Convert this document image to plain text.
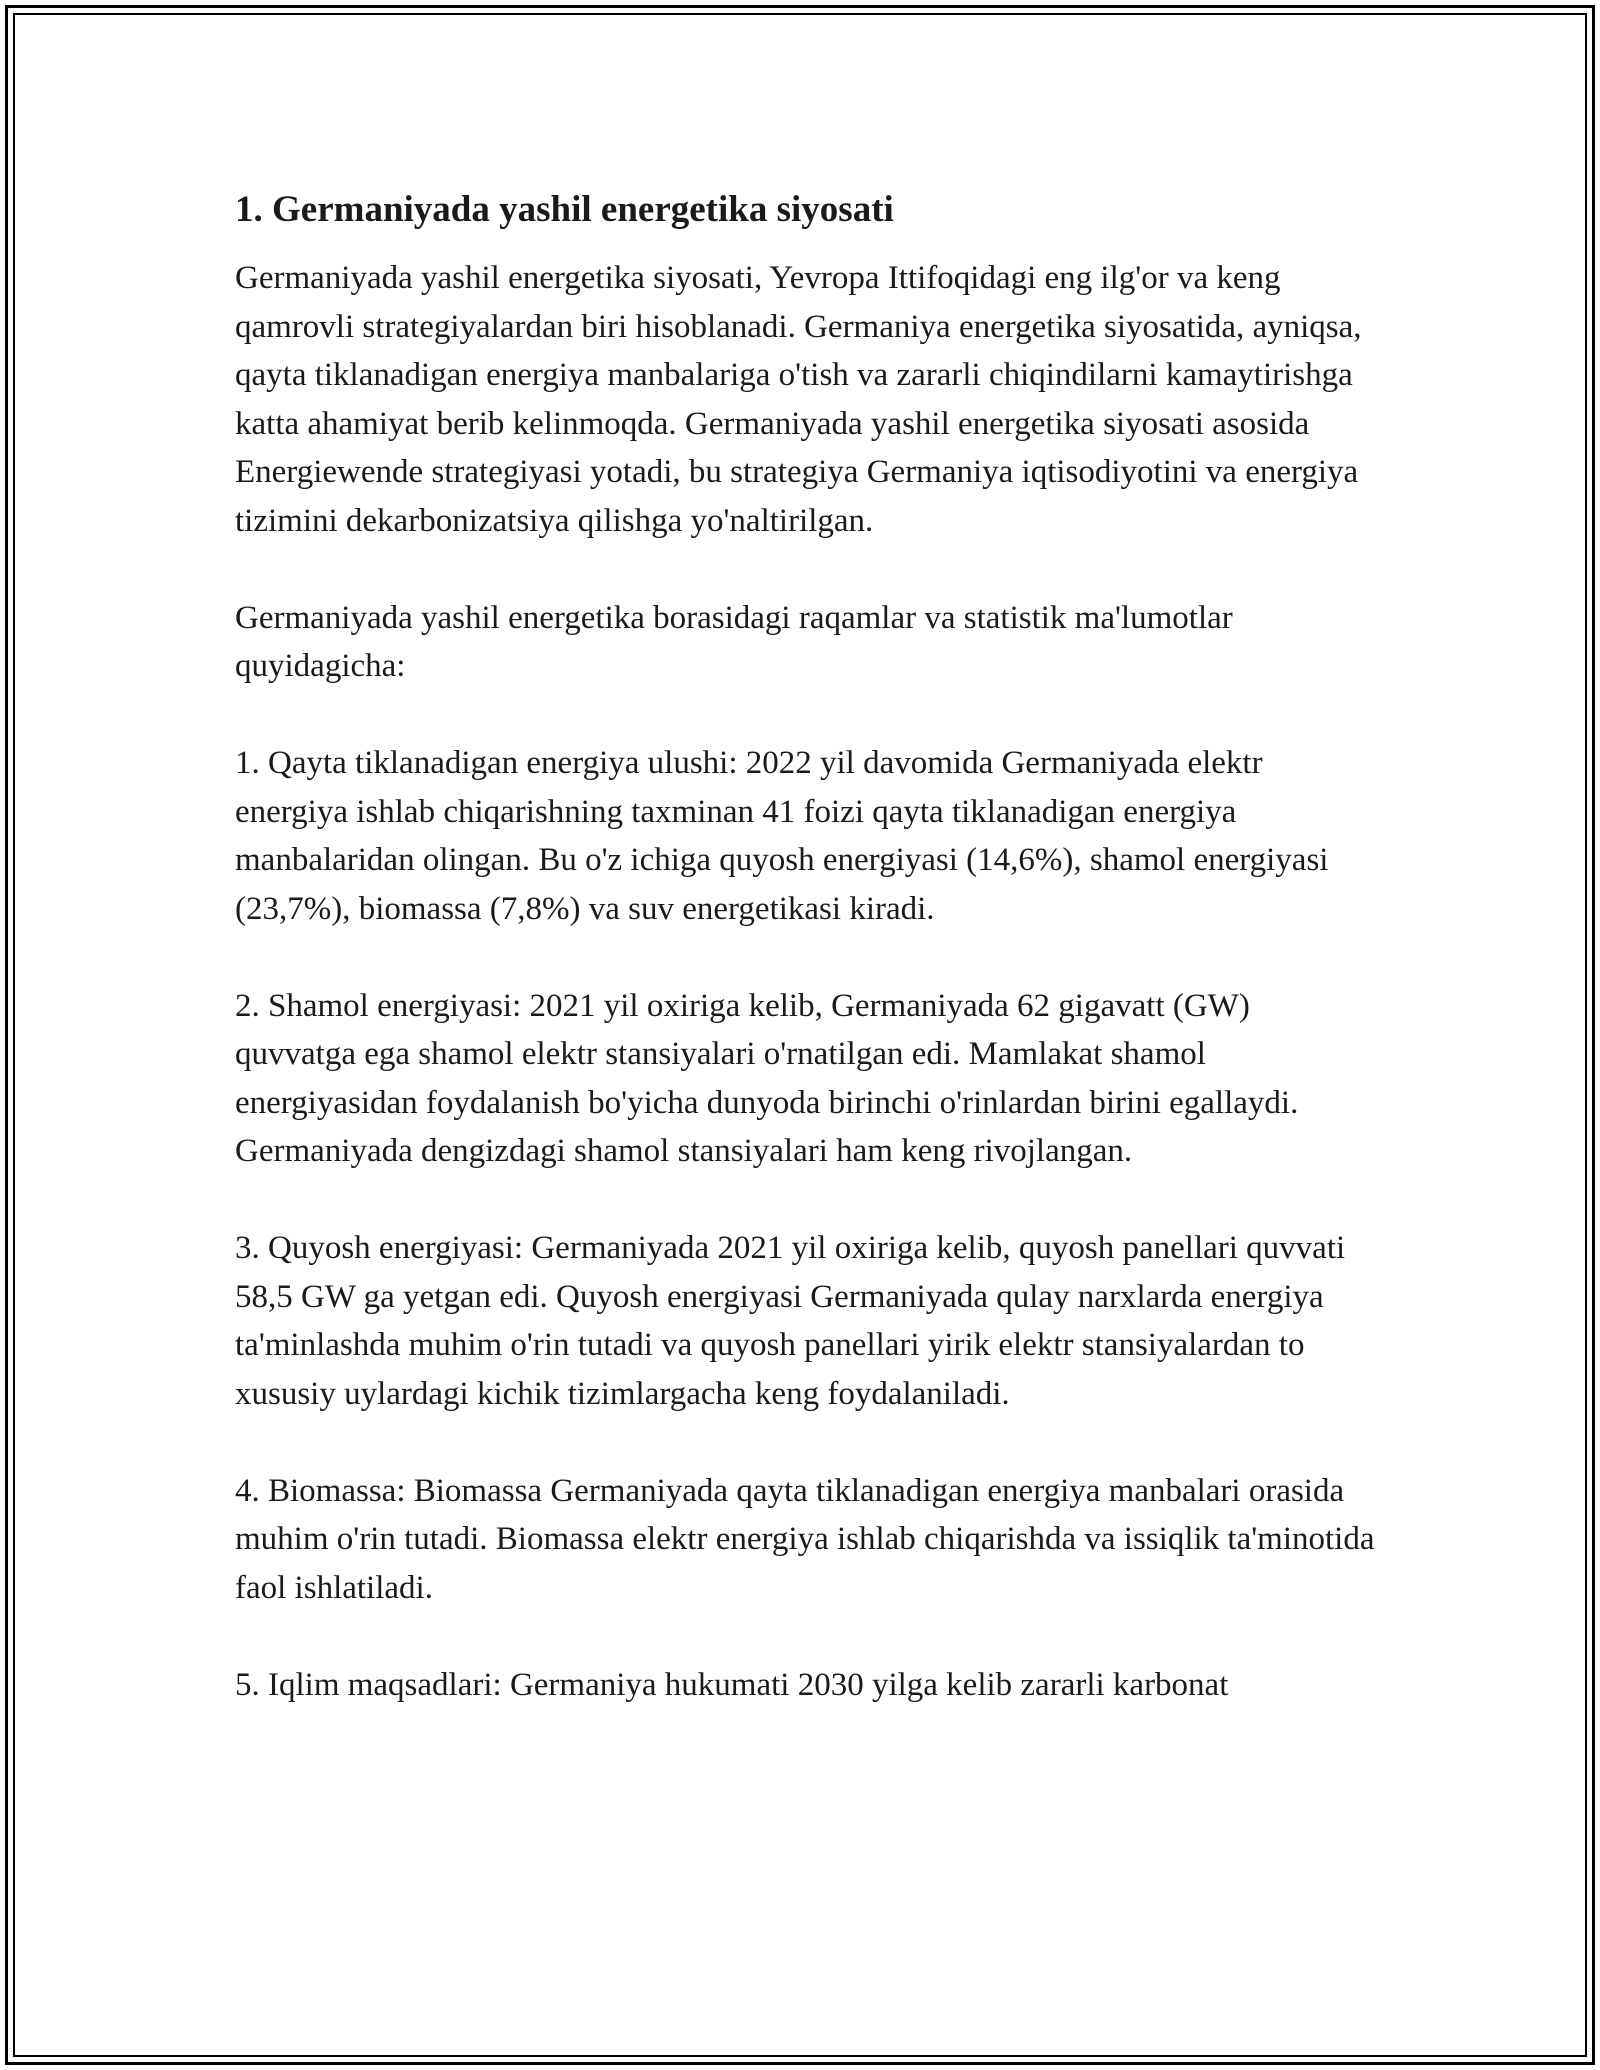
1. Germaniyada yashil energetika siyosati

Germaniyada yashil energetika siyosati, Yevropa Ittifoqidagi eng ilg'or va keng qamrovli strategiyalardan biri hisoblanadi. Germaniya energetika siyosatida, ayniqsa, qayta tiklanadigan energiya manbalariga o'tish va zararli chiqindilarni kamaytirishga katta ahamiyat berib kelinmoqda. Germaniyada yashil energetika siyosati asosida Energiewende strategiyasi yotadi, bu strategiya Germaniya iqtisodiyotini va energiya tizimini dekarbonizatsiya qilishga yo'naltirilgan.

Germaniyada yashil energetika borasidagi raqamlar va statistik ma'lumotlar quyidagicha:

1. Qayta tiklanadigan energiya ulushi: 2022 yil davomida Germaniyada elektr energiya ishlab chiqarishning taxminan 41 foizi qayta tiklanadigan energiya manbalaridan olingan. Bu o'z ichiga quyosh energiyasi (14,6%), shamol energiyasi (23,7%), biomassa (7,8%) va suv energetikasi kiradi.

2. Shamol energiyasi: 2021 yil oxiriga kelib, Germaniyada 62 gigavatt (GW) quvvatga ega shamol elektr stansiyalari o'rnatilgan edi. Mamlakat shamol energiyasidan foydalanish bo'yicha dunyoda birinchi o'rinlardan birini egallaydi. Germaniyada dengizdagi shamol stansiyalari ham keng rivojlangan.

3. Quyosh energiyasi: Germaniyada 2021 yil oxiriga kelib, quyosh panellari quvvati 58,5 GW ga yetgan edi. Quyosh energiyasi Germaniyada qulay narxlarda energiya ta'minlashda muhim o'rin tutadi va quyosh panellari yirik elektr stansiyalardan to xususiy uylardagi kichik tizimlargacha keng foydalaniladi.

4. Biomassa: Biomassa Germaniyada qayta tiklanadigan energiya manbalari orasida muhim o'rin tutadi. Biomassa elektr energiya ishlab chiqarishda va issiqlik ta'minotida faol ishlatiladi.

5. Iqlim maqsadlari: Germaniya hukumati 2030 yilga kelib zararli karbonat
